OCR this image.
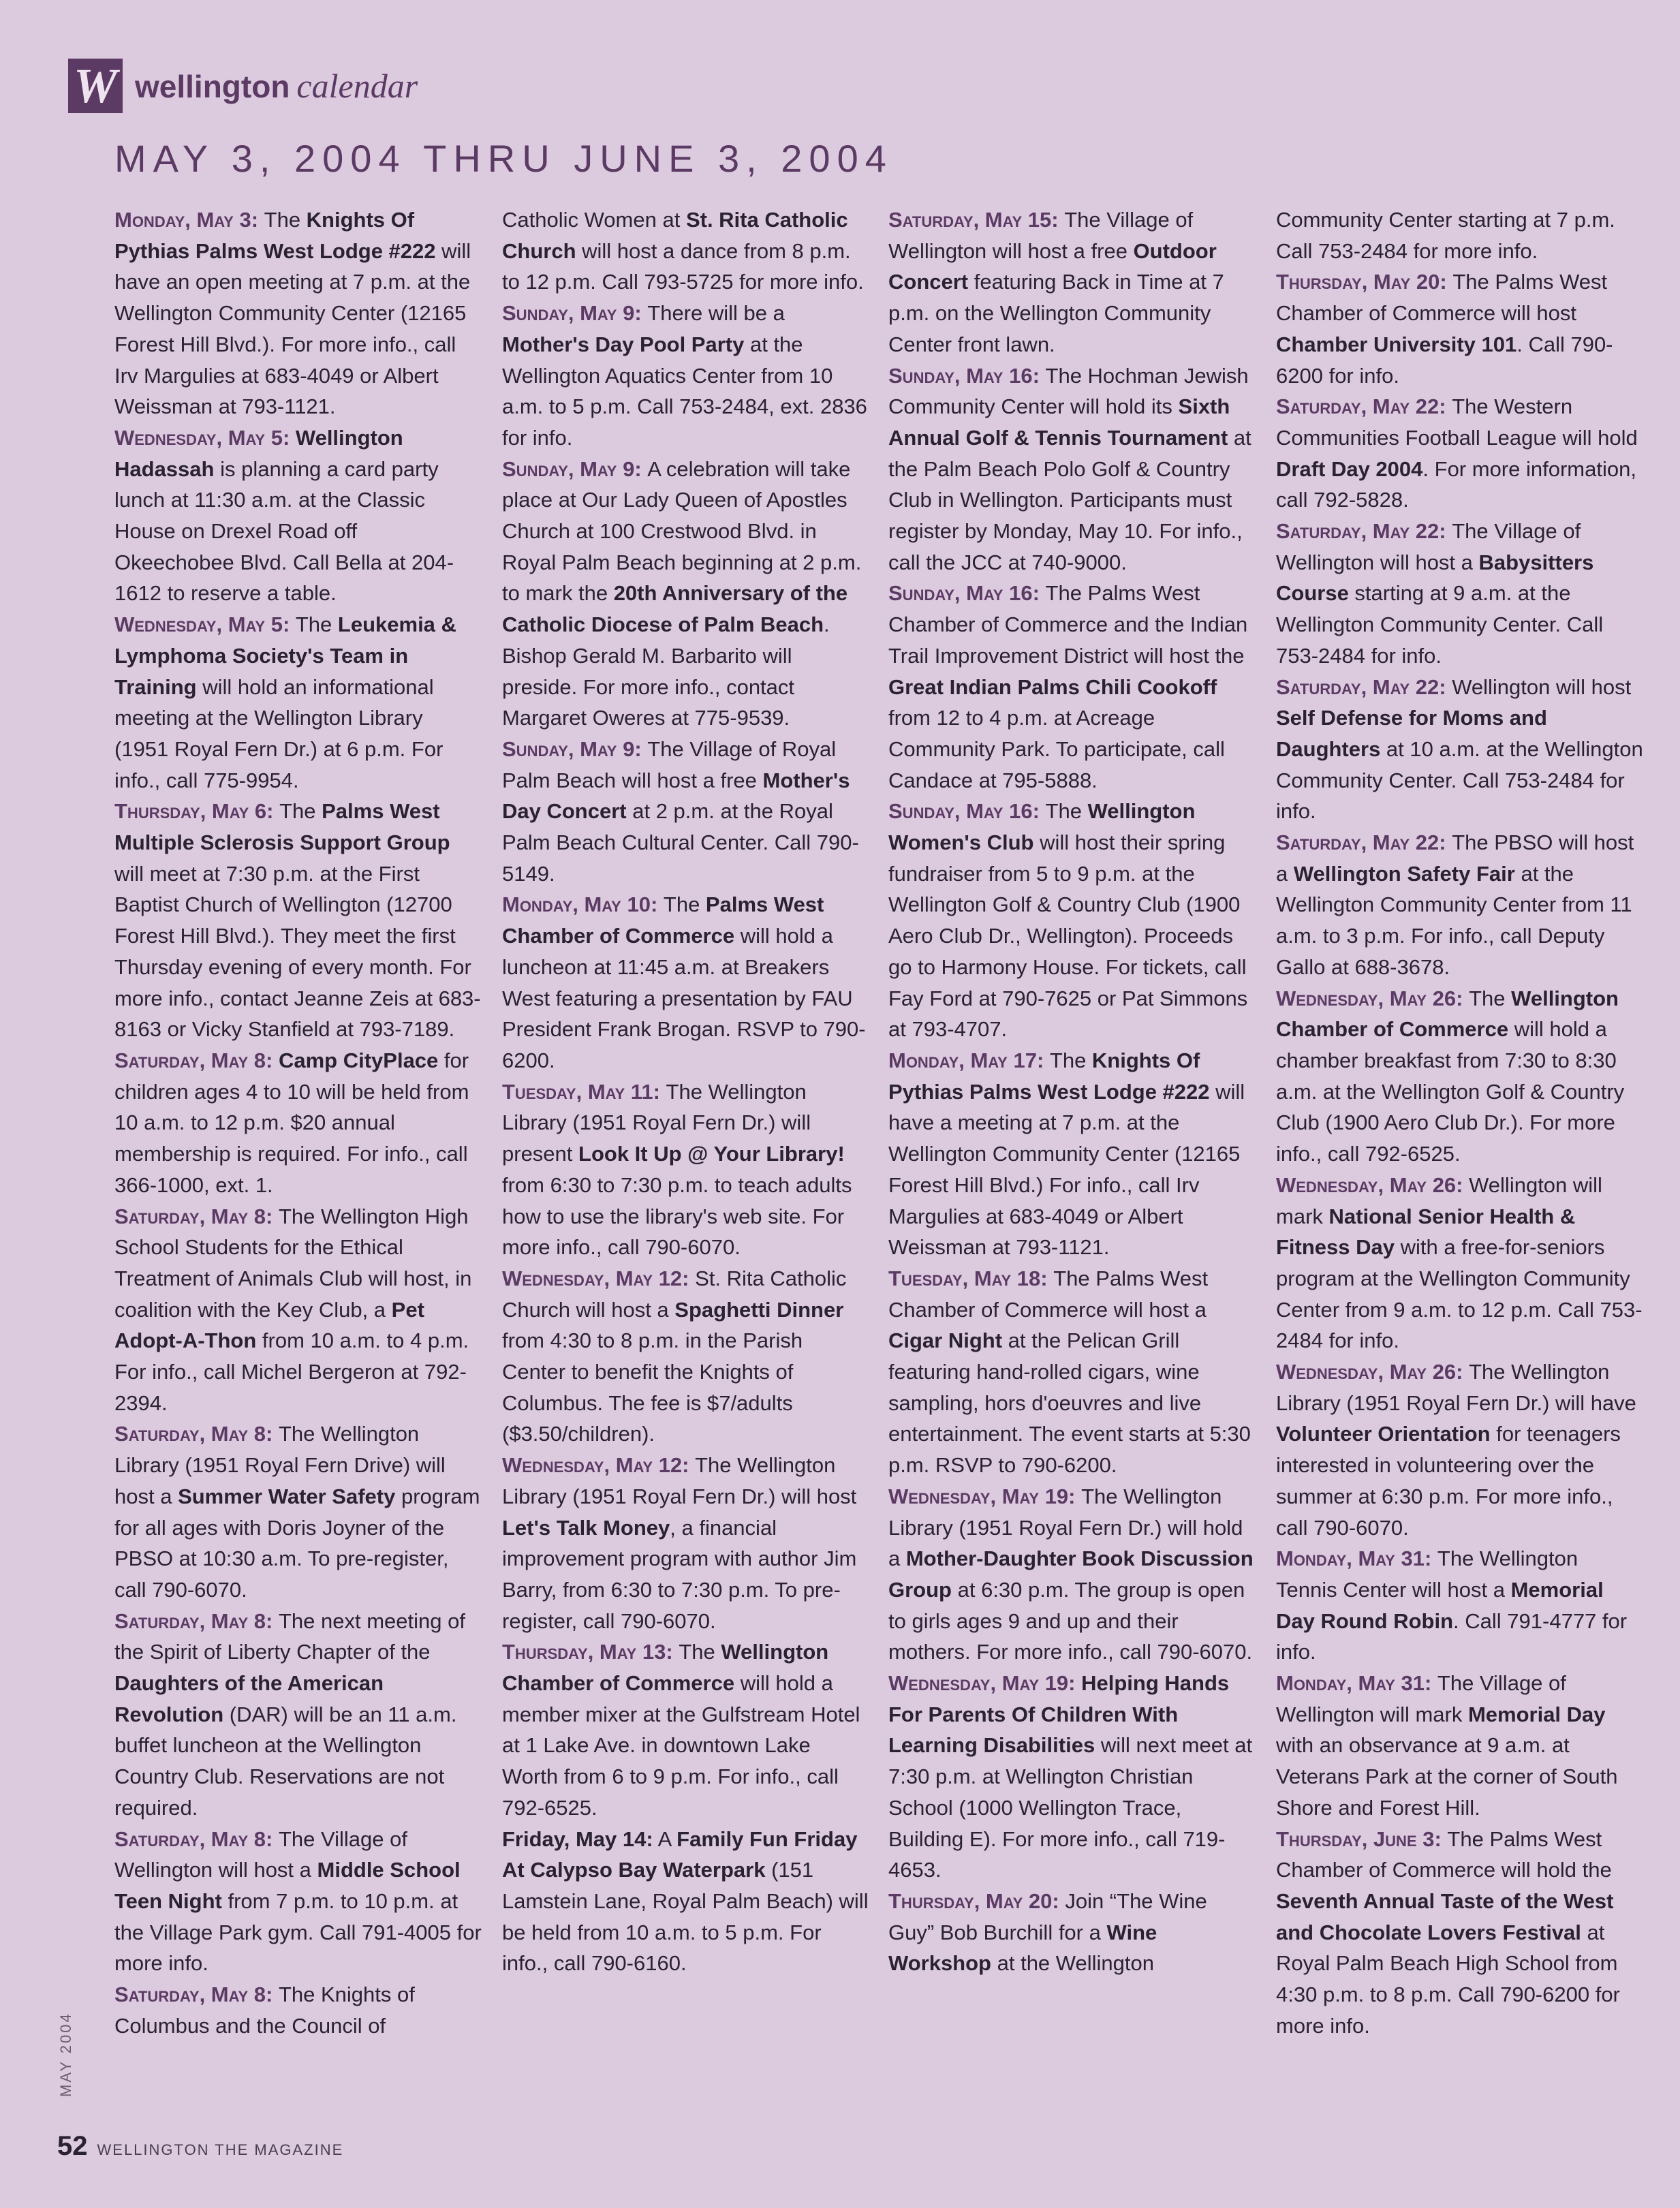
W wellington calendar
MAY 3, 2004 THRU JUNE 3, 2004

Monday, May 3 : The Knights Of Pythias Palms West Lodge #222 will have an open meeting at 7 p.m. at the Wellington Community Center (12165 Forest Hill Blvd.). For more info., call Irv Margulies at 683-4049 or Albert Weissman at 793-1121.

Wednesday, May 5 : Wellington Hadassah is planning a card party lunch at 11:30 a.m. at the Classic House on Drexel Road off Okeechobee Blvd. Call Bella at 204-1612 to reserve a table.

Wednesday, May 5 : The Leukemia & Lymphoma Society's Team in Training will hold an informational meeting at the Wellington Library (1951 Royal Fern Dr.) at 6 p.m. For info., call 775-9954.

Thursday, May 6 : The Palms West Multiple Sclerosis Support Group will meet at 7:30 p.m. at the First Baptist Church of Wellington (12700 Forest Hill Blvd.). They meet the first Thursday evening of every month. For more info., contact Jeanne Zeis at 683-8163 or Vicky Stanfield at 793-7189.

Saturday, May 8 : Camp CityPlace for children ages 4 to 10 will be held from 10 a.m. to 12 p.m. $20 annual membership is required. For info., call 366-1000, ext. 1.

Saturday, May 8 : The Wellington High School Students for the Ethical Treatment of Animals Club will host, in coalition with the Key Club, a Pet Adopt-A-Thon from 10 a.m. to 4 p.m. For info., call Michel Bergeron at 792-2394.

Saturday, May 8 : The Wellington Library (1951 Royal Fern Drive) will host a Summer Water Safety program for all ages with Doris Joyner of the PBSO at 10:30 a.m. To pre-register, call 790-6070.

Saturday, May 8 : The next meeting of the Spirit of Liberty Chapter of the Daughters of the American Revolution (DAR) will be an 11 a.m. buffet luncheon at the Wellington Country Club. Reservations are not required.

Saturday, May 8 : The Village of Wellington will host a Middle School Teen Night from 7 p.m. to 10 p.m. at the Village Park gym. Call 791-4005 for more info.

Saturday, May 8 : The Knights of Columbus and the Council of

Catholic Women at St. Rita Catholic Church will host a dance from 8 p.m. to 12 p.m. Call 793-5725 for more info.

Sunday, May 9 : There will be a Mother's Day Pool Party at the Wellington Aquatics Center from 10 a.m. to 5 p.m. Call 753-2484, ext. 2836 for info.

Sunday, May 9 : A celebration will take place at Our Lady Queen of Apostles Church at 100 Crestwood Blvd. in Royal Palm Beach beginning at 2 p.m. to mark the 20th Anniversary of the Catholic Diocese of Palm Beach. Bishop Gerald M. Barbarito will preside. For more info., contact Margaret Oweres at 775-9539.

Sunday, May 9 : The Village of Royal Palm Beach will host a free Mother's Day Concert at 2 p.m. at the Royal Palm Beach Cultural Center. Call 790-5149.

Monday, May 10 : The Palms West Chamber of Commerce will hold a luncheon at 11:45 a.m. at Breakers West featuring a presentation by FAU President Frank Brogan. RSVP to 790-6200.

Tuesday, May 11 : The Wellington Library (1951 Royal Fern Dr.) will present Look It Up @ Your Library! from 6:30 to 7:30 p.m. to teach adults how to use the library's web site. For more info., call 790-6070.

Wednesday, May 12 : St. Rita Catholic Church will host a Spaghetti Dinner from 4:30 to 8 p.m. in the Parish Center to benefit the Knights of Columbus. The fee is $7/adults ($3.50/children).

Wednesday, May 12 : The Wellington Library (1951 Royal Fern Dr.) will host Let's Talk Money, a financial improvement program with author Jim Barry, from 6:30 to 7:30 p.m. To pre-register, call 790-6070.

Thursday, May 13 : The Wellington Chamber of Commerce will hold a member mixer at the Gulfstream Hotel at 1 Lake Ave. in downtown Lake Worth from 6 to 9 p.m. For info., call 792-6525.

Friday, May 14: A Family Fun Friday At Calypso Bay Waterpark (151 Lamstein Lane, Royal Palm Beach) will be held from 10 a.m. to 5 p.m. For info., call 790-6160.

Saturday, May 15 : The Village of Wellington will host a free Outdoor Concert featuring Back in Time at 7 p.m. on the Wellington Community Center front lawn.

Sunday, May 16 : The Hochman Jewish Community Center will hold its Sixth Annual Golf & Tennis Tournament at the Palm Beach Polo Golf & Country Club in Wellington. Participants must register by Monday, May 10. For info., call the JCC at 740-9000.

Sunday, May 16 : The Palms West Chamber of Commerce and the Indian Trail Improvement District will host the Great Indian Palms Chili Cookoff from 12 to 4 p.m. at Acreage Community Park. To participate, call Candace at 795-5888.

Sunday, May 16 : The Wellington Women's Club will host their spring fundraiser from 5 to 9 p.m. at the Wellington Golf & Country Club (1900 Aero Club Dr., Wellington). Proceeds go to Harmony House. For tickets, call Fay Ford at 790-7625 or Pat Simmons at 793-4707.

Monday, May 17 : The Knights Of Pythias Palms West Lodge #222 will have a meeting at 7 p.m. at the Wellington Community Center (12165 Forest Hill Blvd.) For info., call Irv Margulies at 683-4049 or Albert Weissman at 793-1121.

Tuesday, May 18 : The Palms West Chamber of Commerce will host a Cigar Night at the Pelican Grill featuring hand-rolled cigars, wine sampling, hors d'oeuvres and live entertainment. The event starts at 5:30 p.m. RSVP to 790-6200.

Wednesday, May 19 : The Wellington Library (1951 Royal Fern Dr.) will hold a Mother-Daughter Book Discussion Group at 6:30 p.m. The group is open to girls ages 9 and up and their mothers. For more info., call 790-6070.

Wednesday, May 19 : Helping Hands For Parents Of Children With Learning Disabilities will next meet at 7:30 p.m. at Wellington Christian School (1000 Wellington Trace, Building E). For more info., call 719-4653.

Thursday, May 20 : Join “The Wine Guy” Bob Burchill for a Wine Workshop at the Wellington

Community Center starting at 7 p.m. Call 753-2484 for more info.

Thursday, May 20 : The Palms West Chamber of Commerce will host Chamber University 101. Call 790-6200 for info.

Saturday, May 22 : The Western Communities Football League will hold Draft Day 2004. For more information, call 792-5828.

Saturday, May 22 : The Village of Wellington will host a Babysitters Course starting at 9 a.m. at the Wellington Community Center. Call 753-2484 for info.

Saturday, May 22 : Wellington will host Self Defense for Moms and Daughters at 10 a.m. at the Wellington Community Center. Call 753-2484 for info.

Saturday, May 22 : The PBSO will host a Wellington Safety Fair at the Wellington Community Center from 11 a.m. to 3 p.m. For info., call Deputy Gallo at 688-3678.

Wednesday, May 26 : The Wellington Chamber of Commerce will hold a chamber breakfast from 7:30 to 8:30 a.m. at the Wellington Golf & Country Club (1900 Aero Club Dr.). For more info., call 792-6525.

Wednesday, May 26 : Wellington will mark National Senior Health & Fitness Day with a free-for-seniors program at the Wellington Community Center from 9 a.m. to 12 p.m. Call 753-2484 for info.

Wednesday, May 26 : The Wellington Library (1951 Royal Fern Dr.) will have Volunteer Orientation for teenagers interested in volunteering over the summer at 6:30 p.m. For more info., call 790-6070.

Monday, May 31 : The Wellington Tennis Center will host a Memorial Day Round Robin. Call 791-4777 for info.

Monday, May 31 : The Village of Wellington will mark Memorial Day with an observance at 9 a.m. at Veterans Park at the corner of South Shore and Forest Hill.

Thursday, June 3 : The Palms West Chamber of Commerce will hold the Seventh Annual Taste of the West and Chocolate Lovers Festival at Royal Palm Beach High School from 4:30 p.m. to 8 p.m. Call 790-6200 for more info.

MAY 2004
52 WELLINGTON THE MAGAZINE
